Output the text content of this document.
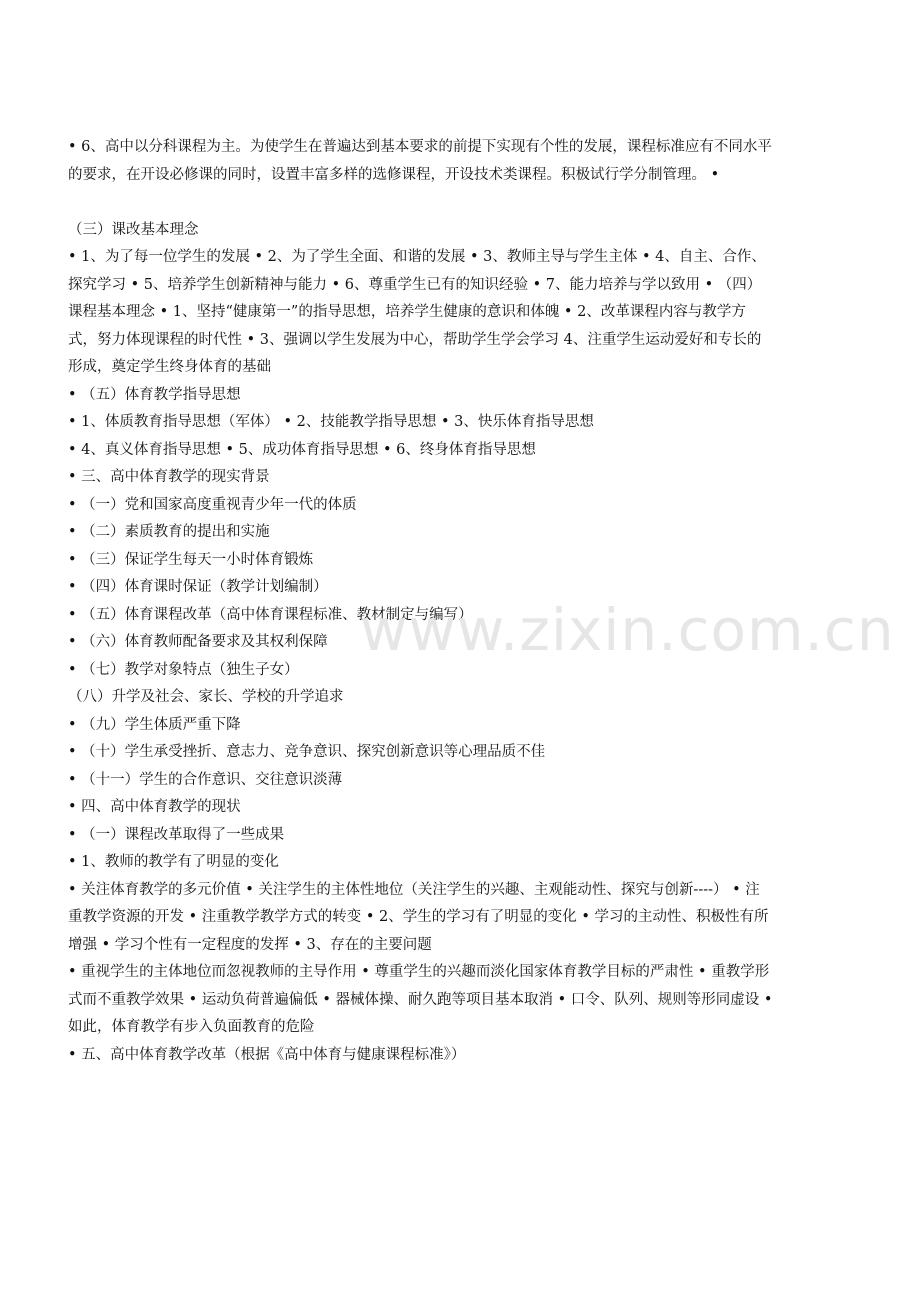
• 6、高中以分科课程为主。为使学生在普遍达到基本要求的前提下实现有个性的发展，课程标准应有不同水平的要求，在开设必修课的同时，设置丰富多样的选修课程，开设技术类课程。积极试行学分制管理。 •

（三）课改基本理念

• 1、为了每一位学生的发展 • 2、为了学生全面、和谐的发展 • 3、教师主导与学生主体 • 4、自主、合作、探究学习 • 5、培养学生创新精神与能力 • 6、尊重学生已有的知识经验 • 7、能力培养与学以致用 • （四）课程基本理念 • 1、坚持“健康第一”的指导思想，培养学生健康的意识和体魄 • 2、改革课程内容与教学方式，努力体现课程的时代性 • 3、强调以学生发展为中心，帮助学生学会学习 4、注重学生运动爱好和专长的形成，奠定学生终身体育的基础

• （五）体育教学指导思想

• 1、体质教育指导思想（军体） • 2、技能教学指导思想 • 3、快乐体育指导思想

• 4、真义体育指导思想 • 5、成功体育指导思想 • 6、终身体育指导思想

• 三、高中体育教学的现实背景

• （一）党和国家高度重视青少年一代的体质

• （二）素质教育的提出和实施

• （三）保证学生每天一小时体育锻炼

• （四）体育课时保证（教学计划编制）

• （五）体育课程改革（高中体育课程标准、教材制定与编写）

• （六）体育教师配备要求及其权利保障

• （七）教学对象特点（独生子女）

（八）升学及社会、家长、学校的升学追求

• （九）学生体质严重下降

• （十）学生承受挫折、意志力、竞争意识、探究创新意识等心理品质不佳

• （十一）学生的合作意识、交往意识淡薄

• 四、高中体育教学的现状

• （一）课程改革取得了一些成果

• 1、教师的教学有了明显的变化

• 关注体育教学的多元价值 • 关注学生的主体性地位（关注学生的兴趣、主观能动性、探究与创新----） • 注重教学资源的开发 • 注重教学教学方式的转变 • 2、学生的学习有了明显的变化 • 学习的主动性、积极性有所增强 • 学习个性有一定程度的发挥 • 3、存在的主要问题

• 重视学生的主体地位而忽视教师的主导作用 • 尊重学生的兴趣而淡化国家体育教学目标的严肃性 • 重教学形式而不重教学效果 • 运动负荷普遍偏低 • 器械体操、耐久跑等项目基本取消 • 口令、队列、规则等形同虚设 • 如此，体育教学有步入负面教育的危险

• 五、高中体育教学改革（根据《高中体育与健康课程标准》）

www.zixin.com.cn
